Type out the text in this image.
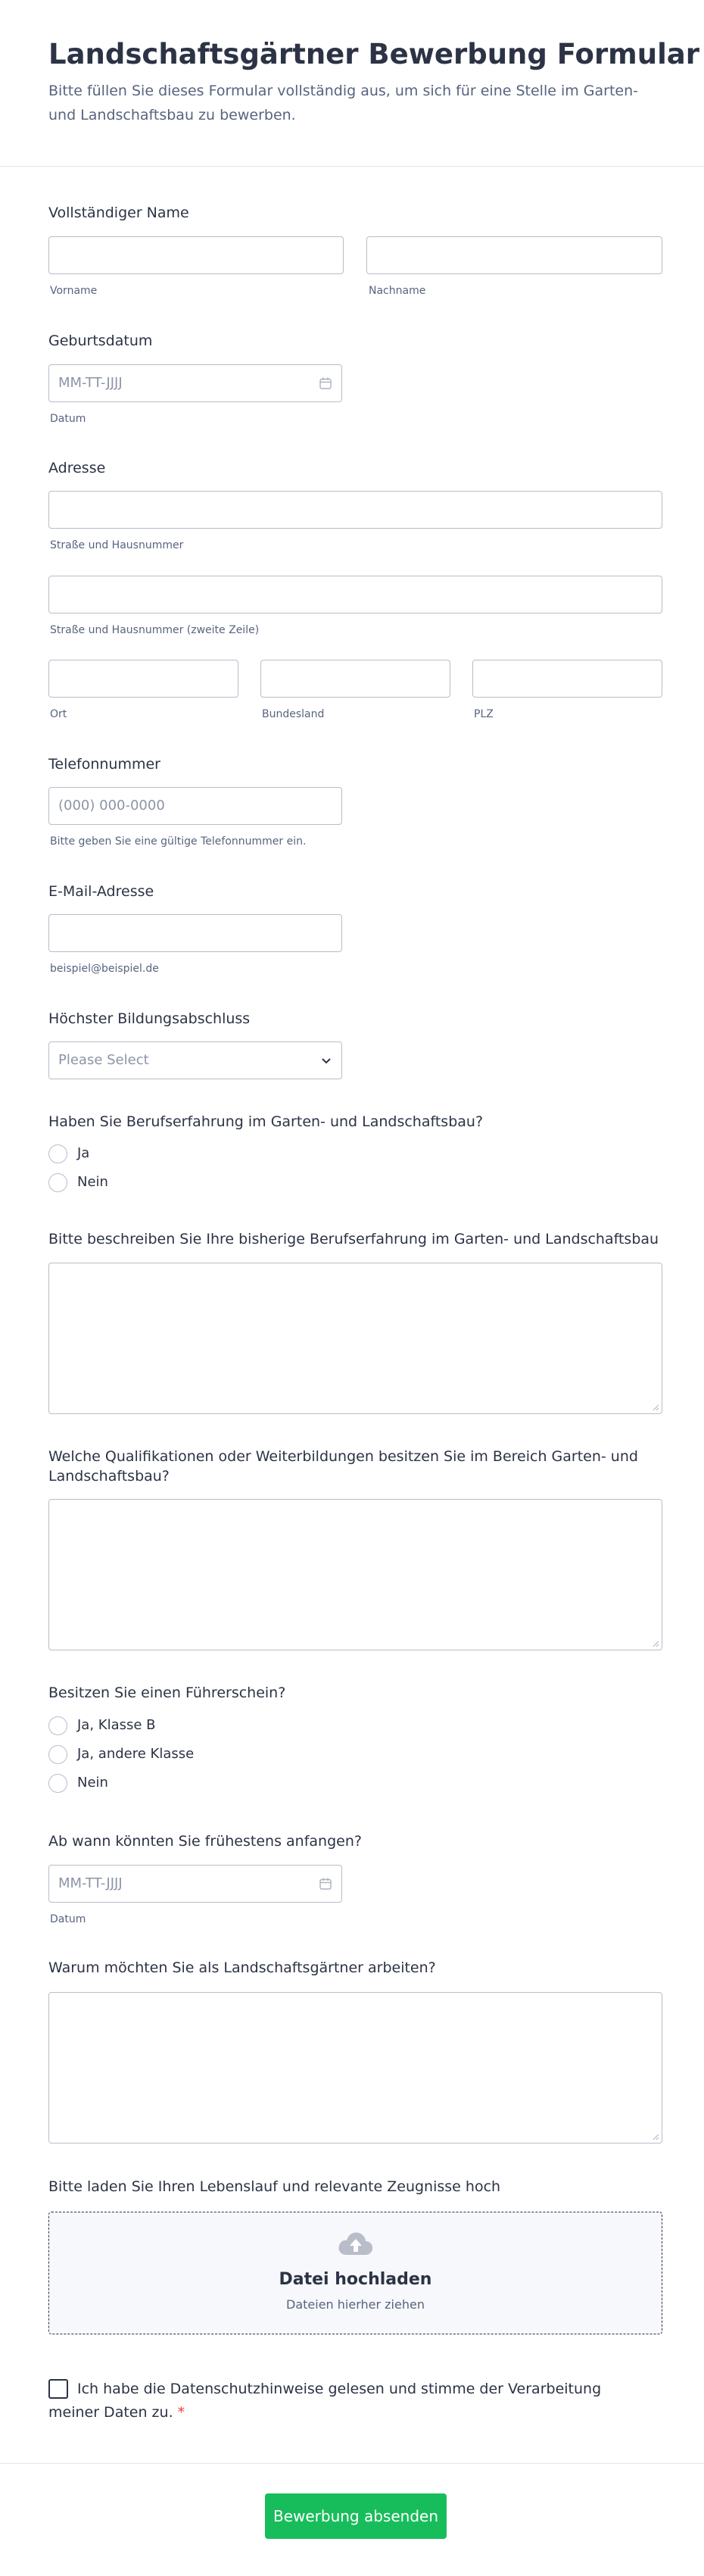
Landschaftsgärtner Bewerbung Formular
Bitte füllen Sie dieses Formular vollständig aus, um sich für eine Stelle im Garten- und Landschaftsbau zu bewerben.
Vollständiger Name
Vorname	Nachname
Geburtsdatum
MM-TT-JJJJ
Datum
Adresse
Straße und Hausnummer
Straße und Hausnummer (zweite Zeile)
Ort	Bundesland	PLZ
Telefonnummer
(000) 000-0000
Bitte geben Sie eine gültige Telefonnummer ein.
E-Mail-Adresse
beispiel@beispiel.de
Höchster Bildungsabschluss
Please Select
Haben Sie Berufserfahrung im Garten- und Landschaftsbau?
Ja
Nein
Bitte beschreiben Sie Ihre bisherige Berufserfahrung im Garten- und Landschaftsbau
Welche Qualifikationen oder Weiterbildungen besitzen Sie im Bereich Garten- und Landschaftsbau?
Besitzen Sie einen Führerschein?
Ja, Klasse B
Ja, andere Klasse
Nein
Ab wann könnten Sie frühestens anfangen?
MM-TT-JJJJ
Datum
Warum möchten Sie als Landschaftsgärtner arbeiten?
Bitte laden Sie Ihren Lebenslauf und relevante Zeugnisse hoch
Datei hochladen
Dateien hierher ziehen
Ich habe die Datenschutzhinweise gelesen und stimme der Verarbeitung meiner Daten zu. *
Bewerbung absenden
